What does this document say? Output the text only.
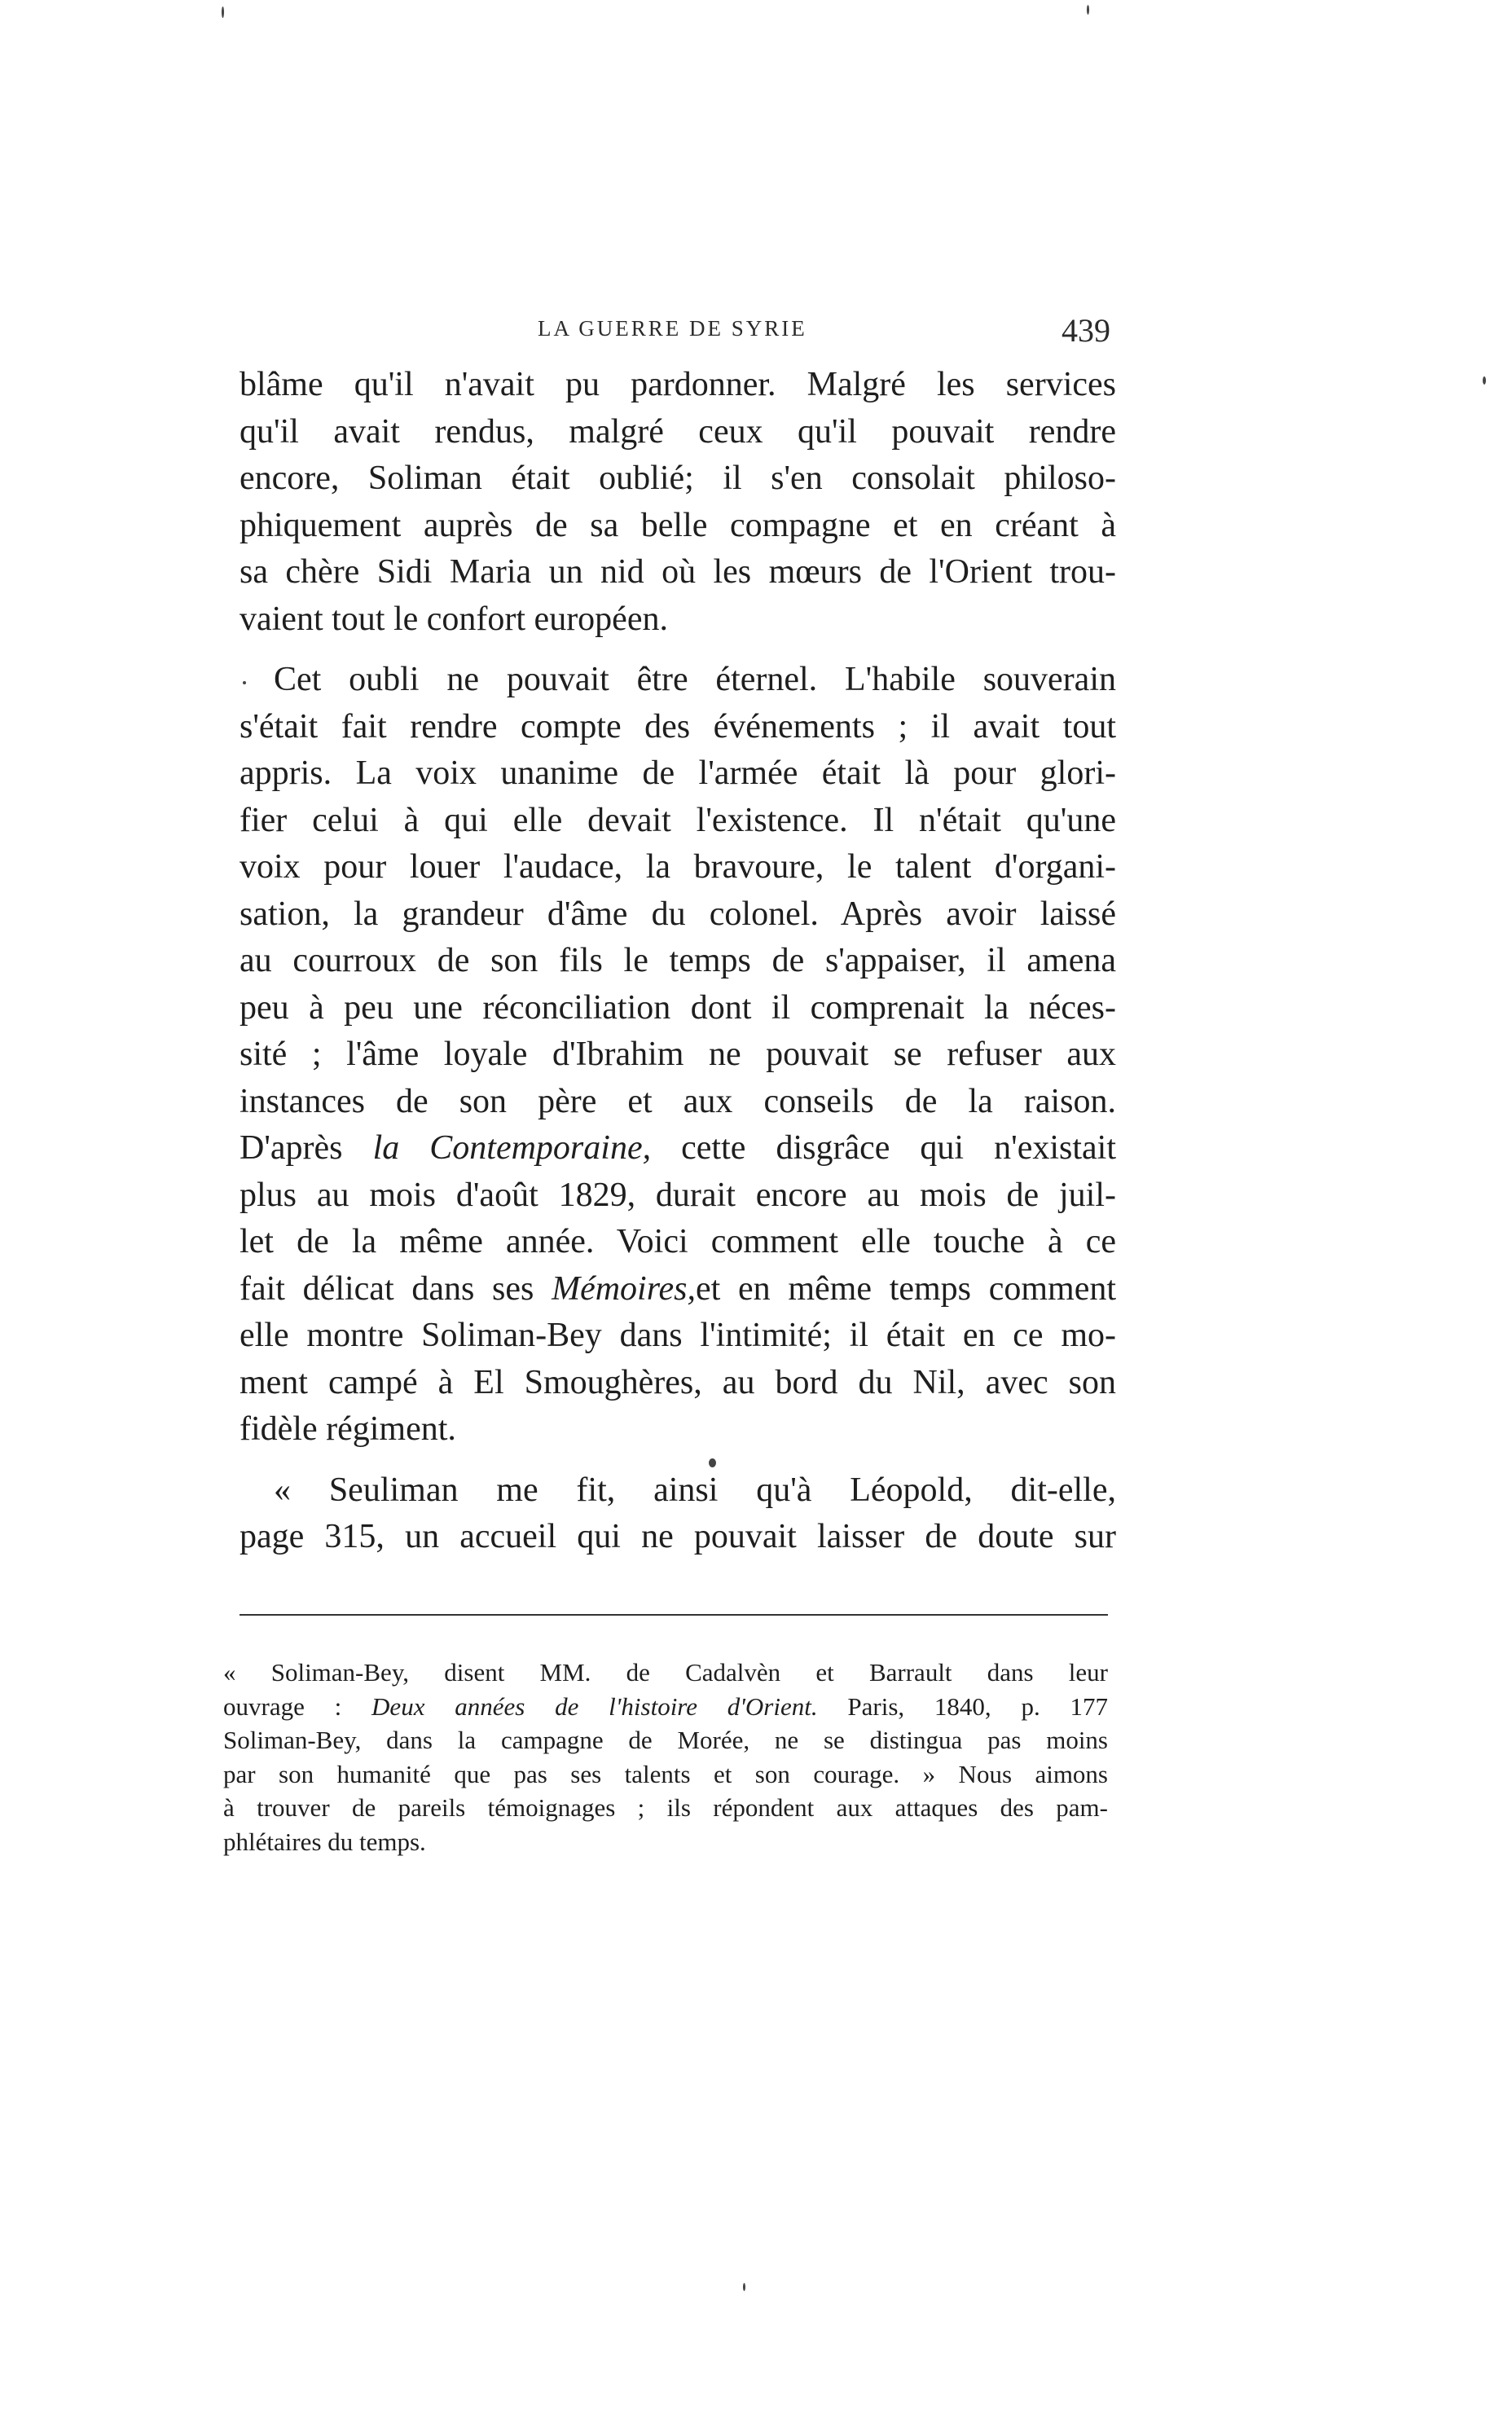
LA GUERRE DE SYRIE	439
blâme qu'il n'avait pu pardonner. Malgré les services
qu'il avait rendus, malgré ceux qu'il pouvait rendre
encore, Soliman était oublié; il s'en consolait philoso-
phiquement auprès de sa belle compagne et en créant à
sa chère Sidi Maria un nid où les mœurs de l'Orient trou-
vaient tout le confort européen.
Cet oubli ne pouvait être éternel. L'habile souverain
s'était fait rendre compte des événements ; il avait tout
appris. La voix unanime de l'armée était là pour glori-
fier celui à qui elle devait l'existence. Il n'était qu'une
voix pour louer l'audace, la bravoure, le talent d'organi-
sation, la grandeur d'âme du colonel. Après avoir laissé
au courroux de son fils le temps de s'appaiser, il amena
peu à peu une réconciliation dont il comprenait la néces-
sité ; l'âme loyale d'Ibrahim ne pouvait se refuser aux
instances de son père et aux conseils de la raison.
D'après la Contemporaine, cette disgrâce qui n'existait
plus au mois d'août 1829, durait encore au mois de juil-
let de la même année. Voici comment elle touche à ce
fait délicat dans ses Mémoires,et en même temps comment
elle montre Soliman-Bey dans l'intimité; il était en ce mo-
ment campé à El Smoughères, au bord du Nil, avec son
fidèle régiment.
« Seuliman me fit, ainsi qu'à Léopold, dit-elle,
page 315, un accueil qui ne pouvait laisser de doute sur
« Soliman-Bey, disent MM. de Cadalvèn et Barrault dans leur
ouvrage : Deux années de l'histoire d'Orient. Paris, 1840, p. 177
Soliman-Bey, dans la campagne de Morée, ne se distingua pas moins
par son humanité que pas ses talents et son courage. » Nous aimons
à trouver de pareils témoignages ; ils répondent aux attaques des pam-
phlétaires du temps.
